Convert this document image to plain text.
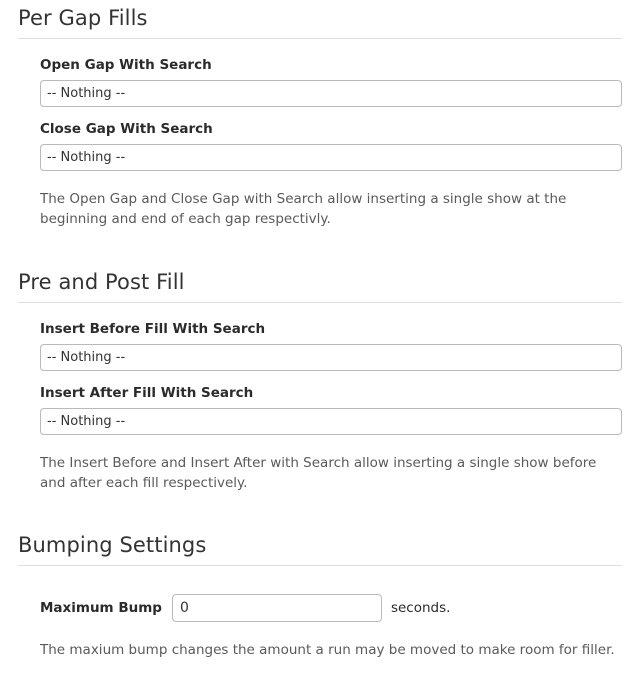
Per Gap Fills
Open Gap With Search
-- Nothing --
Close Gap With Search
-- Nothing --

The Open Gap and Close Gap with Search allow inserting a single show at the beginning and end of each gap respectivly.

Pre and Post Fill
Insert Before Fill With Search
-- Nothing --
Insert After Fill With Search
-- Nothing --

The Insert Before and Insert After with Search allow inserting a single show before and after each fill respectively.

Bumping Settings
Maximum Bump
0	seconds.

The maxium bump changes the amount a run may be moved to make room for filler.
